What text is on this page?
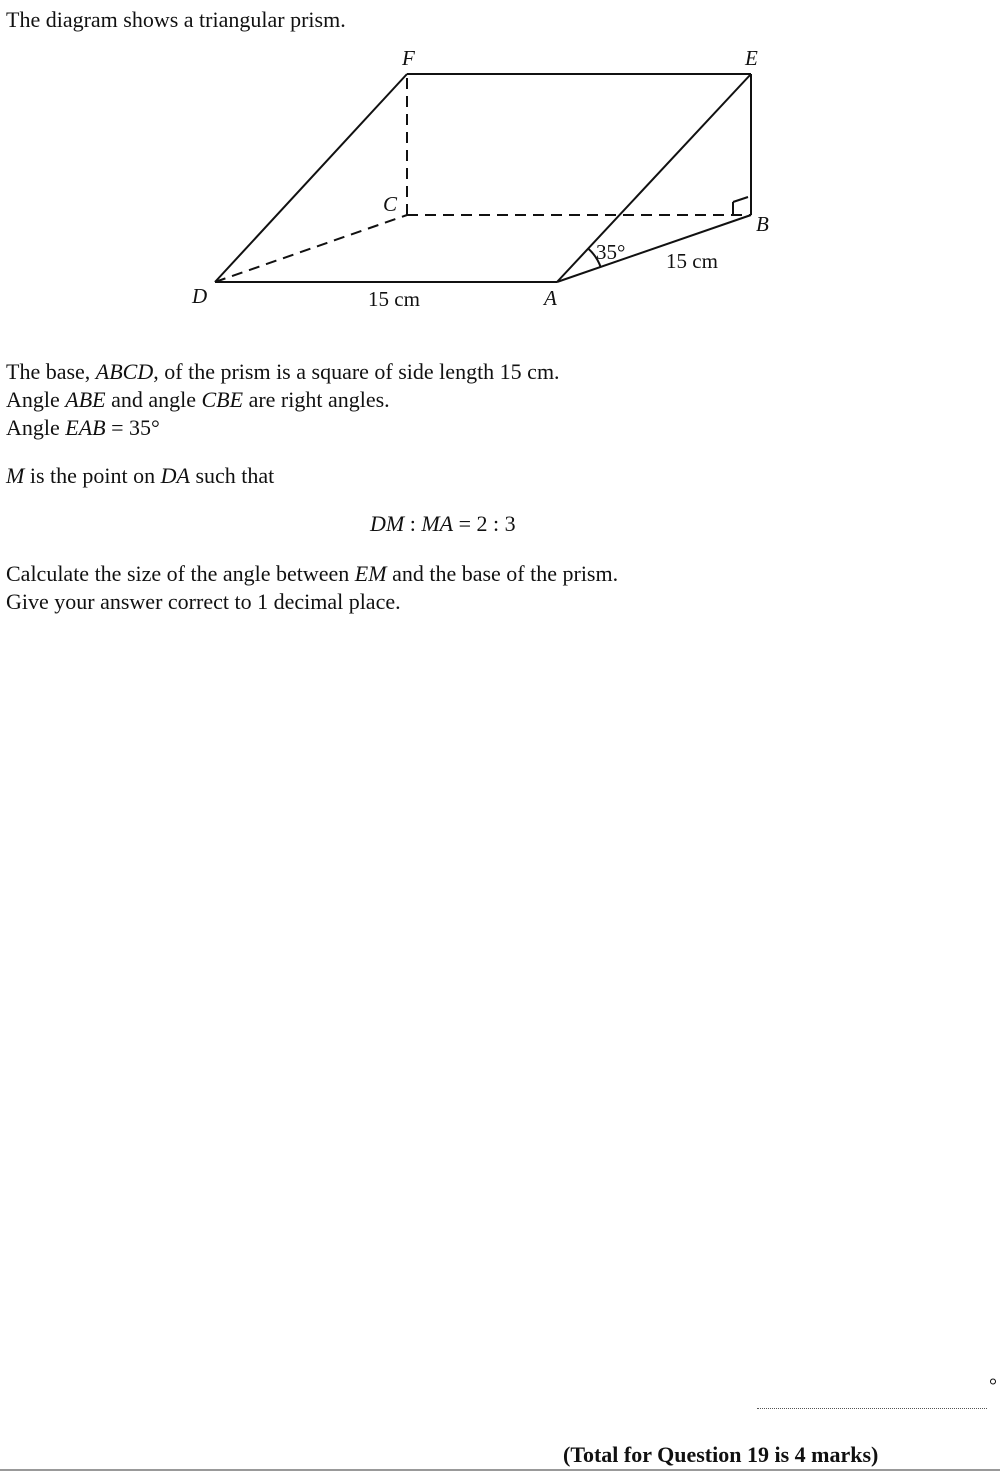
The diagram shows a triangular prism.
F	E
C
B
D	A
35° 15 cm
15 cm
The base, ABCD, of the prism is a square of side length 15 cm.
Angle ABE and angle CBE are right angles.
Angle EAB = 35°
M is the point on DA such that
DM : MA = 2 : 3
Calculate the size of the angle between EM and the base of the prism.
Give your answer correct to 1 decimal place.
°
(Total for Question 19 is 4 marks)
